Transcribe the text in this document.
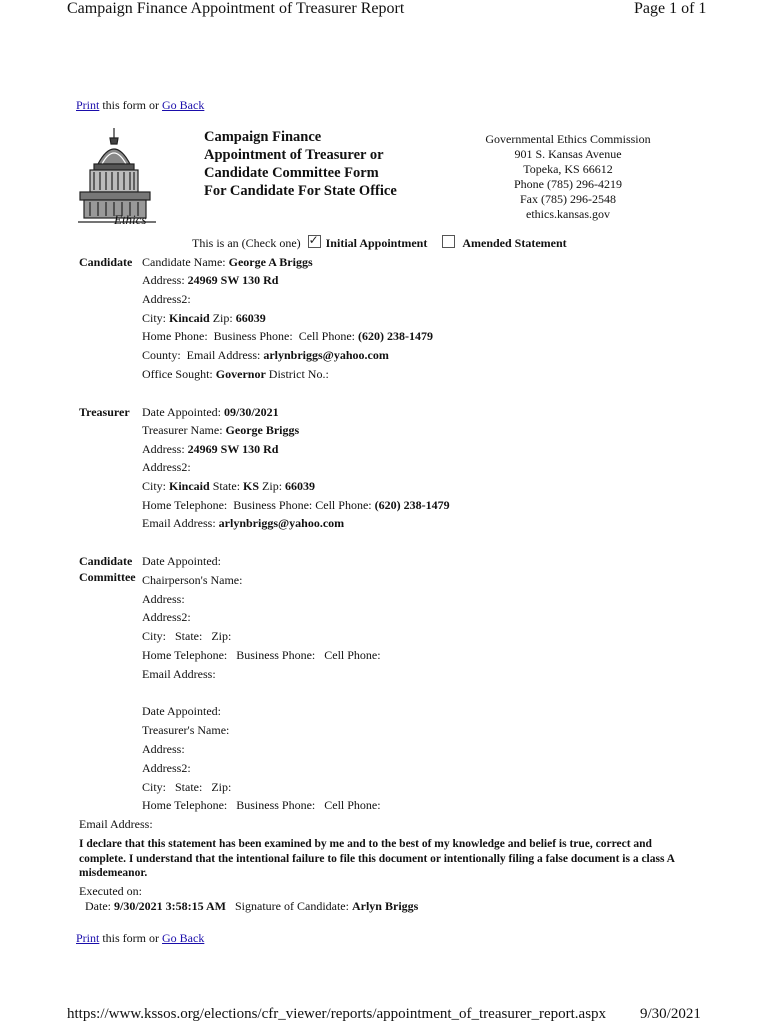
Campaign Finance Appointment of Treasurer Report	Page 1 of 1
Print this form or Go Back
Ethics
Campaign Finance
Appointment of Treasurer or
Candidate Committee Form
For Candidate For State Office
Governmental Ethics Commission
901 S. Kansas Avenue
Topeka, KS 66612
Phone (785) 296-4219
Fax (785) 296-2548
ethics.kansas.gov
This is an (Check one) ✓ Initial Appointment	Amended Statement
Candidate Candidate Name: George A Briggs
Address: 24969 SW 130 Rd
Address2:
City: Kincaid Zip: 66039
Home Phone: Business Phone: Cell Phone: (620) 238-1479
County: Email Address: arlynbriggs@yahoo.com
Office Sought: Governor District No.:
Treasurer Date Appointed: 09/30/2021
Treasurer Name: George Briggs
Address: 24969 SW 130 Rd
Address2:
City: Kincaid State: KS Zip: 66039
Home Telephone: Business Phone: Cell Phone: (620) 238-1479
Email Address: arlynbriggs@yahoo.com
Candidate
Committee
Date Appointed:
Chairperson's Name:
Address:
Address2:
City:   State:   Zip:
Home Telephone:   Business Phone:   Cell Phone:
Email Address:
Date Appointed:
Treasurer's Name:
Address:
Address2:
City:   State:   Zip:
Home Telephone:   Business Phone:   Cell Phone:
Email Address:
I declare that this statement has been examined by me and to the best of my knowledge and belief is true, correct and complete. I understand that the intentional failure to file this document or intentionally filing a false document is a class A misdemeanor.
Executed on:
Date: 9/30/2021 3:58:15 AM Signature of Candidate: Arlyn Briggs
Print this form or Go Back
https://www.kssos.org/elections/cfr_viewer/reports/appointment_of_treasurer_report.aspx 9/30/2021
